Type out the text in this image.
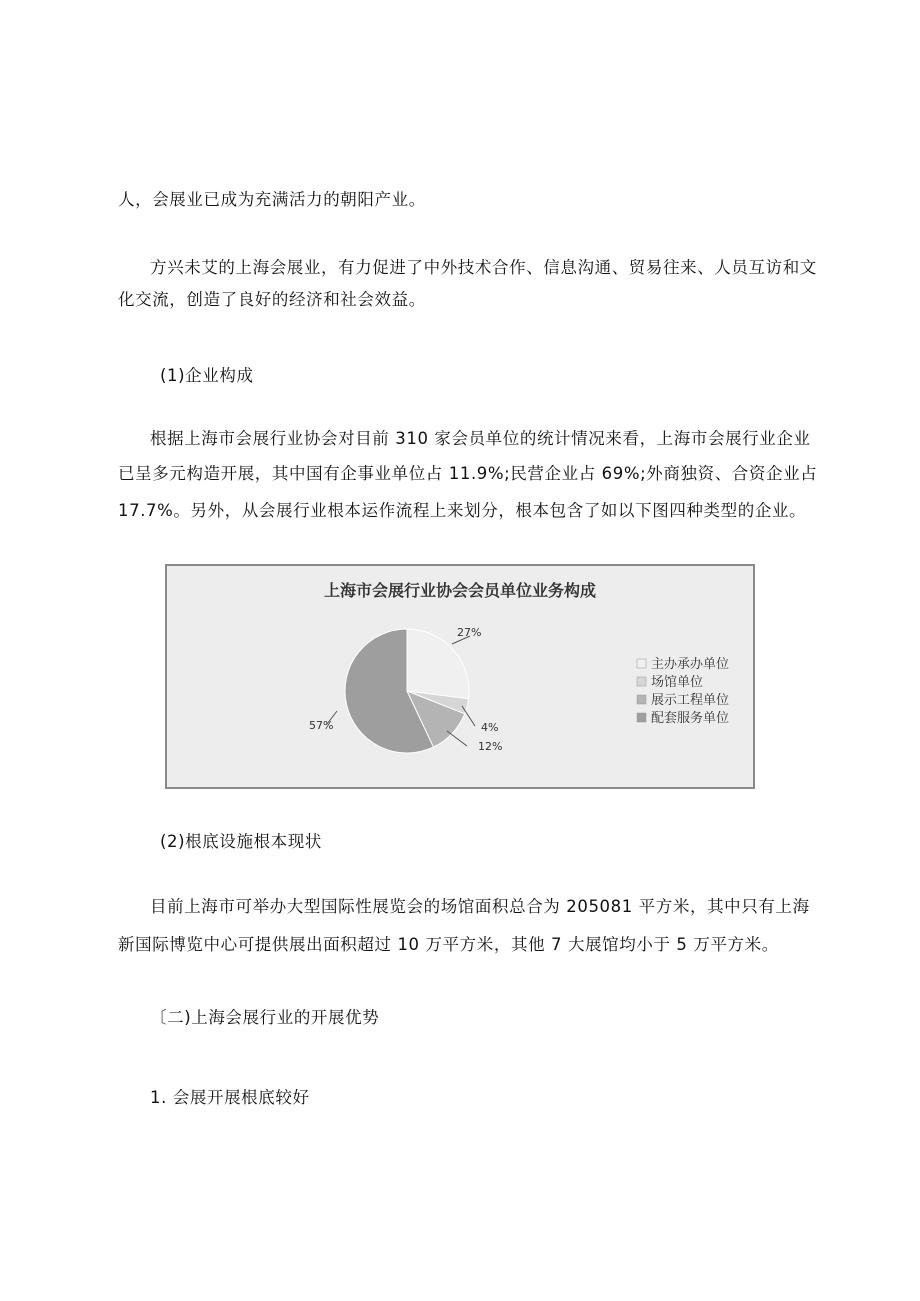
人，会展业已成为充满活力的朝阳产业。
方兴未艾的上海会展业，有力促进了中外技术合作、信息沟通、贸易往来、人员互访和文
化交流，创造了良好的经济和社会效益。
(1)企业构成
根据上海市会展行业协会对目前 310 家会员单位的统计情况来看，上海市会展行业企业
已呈多元构造开展，其中国有企事业单位占 11.9%;民营企业占 69%;外商独资、合资企业占
17.7%。另外，从会展行业根本运作流程上来划分，根本包含了如以下图四种类型的企业。
上海市会展行业协会会员单位业务构成
27%
4%
12%
57%
主办承办单位
场馆单位
展示工程单位
配套服务单位
(2)根底设施根本现状
目前上海市可举办大型国际性展览会的场馆面积总合为 205081 平方米，其中只有上海
新国际博览中心可提供展出面积超过 10 万平方米，其他 7 大展馆均小于 5 万平方米。
〔二)上海会展行业的开展优势
1. 会展开展根底较好
